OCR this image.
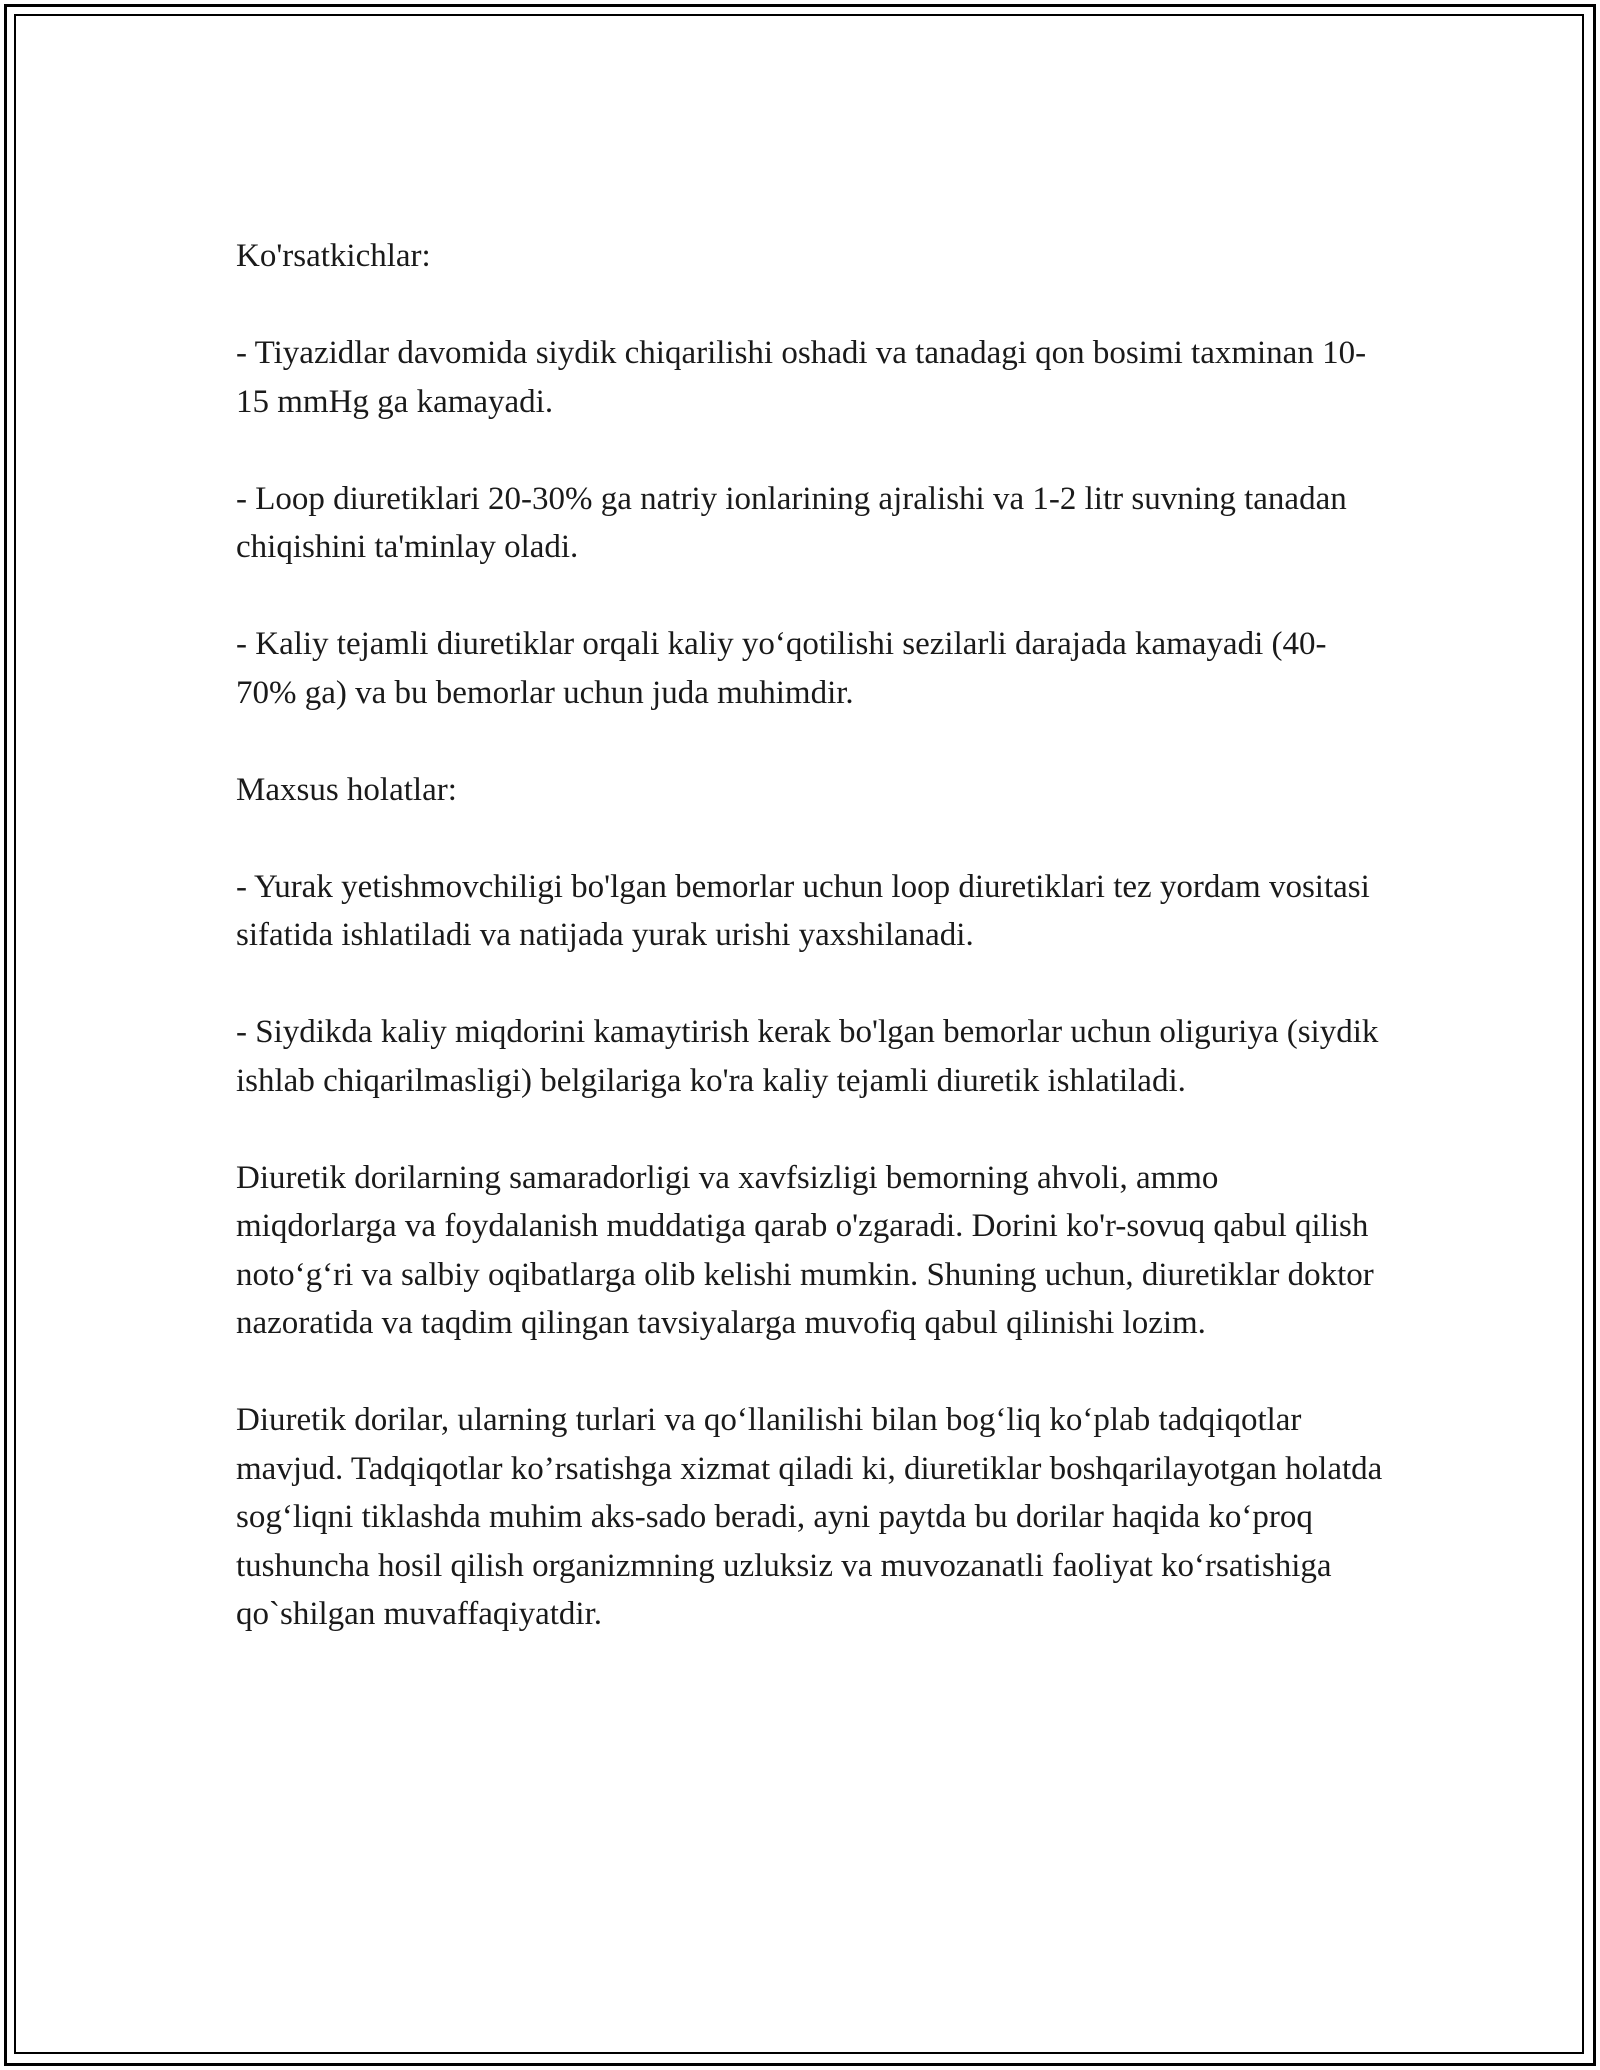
Ko'rsatkichlar:

- Tiyazidlar davomida siydik chiqarilishi oshadi va tanadagi qon bosimi taxminan 10-15 mmHg ga kamayadi.

- Loop diuretiklari 20-30% ga natriy ionlarining ajralishi va 1-2 litr suvning tanadan chiqishini ta'minlay oladi.

- Kaliy tejamli diuretiklar orqali kaliy yo‘qotilishi sezilarli darajada kamayadi (40-70% ga) va bu bemorlar uchun juda muhimdir.

Maxsus holatlar:

- Yurak yetishmovchiligi bo'lgan bemorlar uchun loop diuretiklari tez yordam vositasi sifatida ishlatiladi va natijada yurak urishi yaxshilanadi.

- Siydikda kaliy miqdorini kamaytirish kerak bo'lgan bemorlar uchun oliguriya (siydik ishlab chiqarilmasligi) belgilariga ko'ra kaliy tejamli diuretik ishlatiladi.

Diuretik dorilarning samaradorligi va xavfsizligi bemorning ahvoli, ammo miqdorlarga va foydalanish muddatiga qarab o'zgaradi. Dorini ko'r-sovuq qabul qilish noto‘g‘ri va salbiy oqibatlarga olib kelishi mumkin. Shuning uchun, diuretiklar doktor nazoratida va taqdim qilingan tavsiyalarga muvofiq qabul qilinishi lozim.

Diuretik dorilar, ularning turlari va qo‘llanilishi bilan bog‘liq ko‘plab tadqiqotlar mavjud. Tadqiqotlar ko’rsatishga xizmat qiladi ki, diuretiklar boshqarilayotgan holatda sog‘liqni tiklashda muhim aks-sado beradi, ayni paytda bu dorilar haqida ko‘proq tushuncha hosil qilish organizmning uzluksiz va muvozanatli faoliyat ko‘rsatishiga qo`shilgan muvaffaqiyatdir.
